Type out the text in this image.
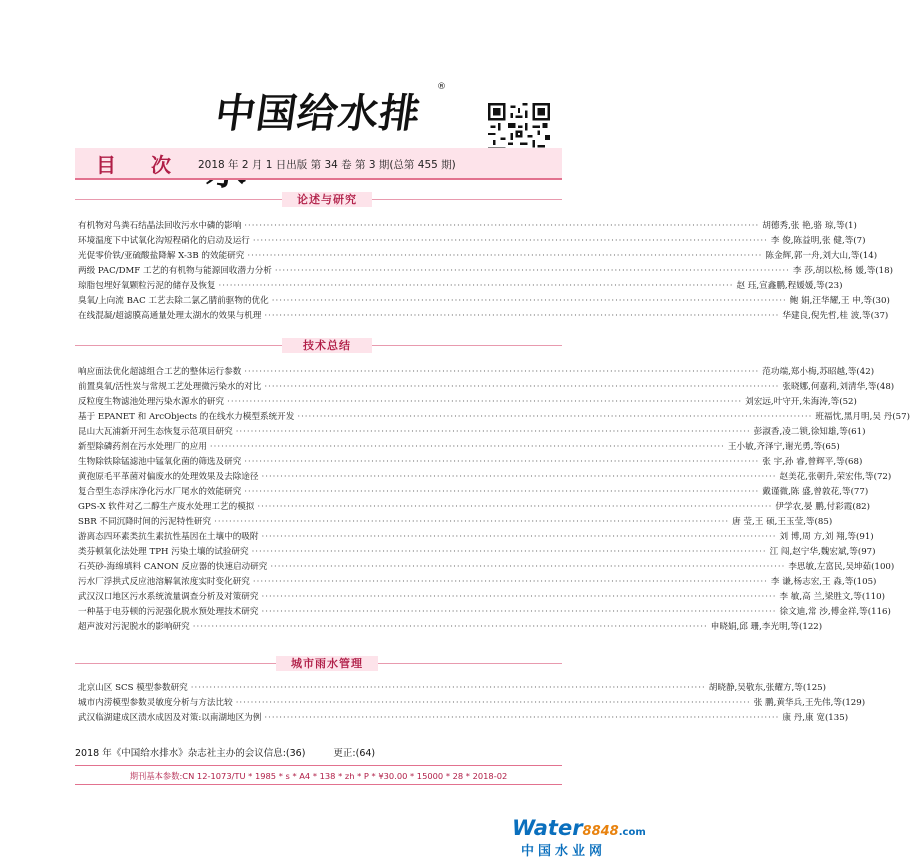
中国给水排水
®
目 次 2018 年 2 月 1 日出版 第 34 卷 第 3 期(总第 455 期)
论述与研究
有机物对鸟粪石结晶法回收污水中磷的影响 ·····	胡德秀,张 艳,骆 琼,等 (1)
环境温度下中试氧化沟短程硝化的启动及运行 ·····	李 俊,陈益明,张 健,等 (7)
光促零价铁/亚硫酸盐降解 X-3B 的效能研究 ·····	陈金辉,郭一舟,刘大山,等 (14)
两级 PAC/DMF 工艺的有机物与能源回收潜力分析 ·····	李 莎,胡以松,杨 媛,等 (18)
琼脂包埋好氧颗粒污泥的储存及恢复 ·····	赵 珏,宣鑫鹏,程媛媛,等 (23)
臭氧/上向流 BAC 工艺去除二氯乙腈前驱物的优化 ·····	鲍 娟,汪华耀,王 申,等 (30)
在线混凝/超滤膜高通量处理太湖水的效果与机理 ·····	华建良,倪先哲,桂 波,等 (37)
技术总结
响应面法优化超滤组合工艺的整体运行参数 ·····	范功端,郑小梅,苏昭越,等 (42)
前置臭氧/活性炭与常规工艺处理微污染水的对比 ·····	张晓娜,何嘉莉,刘清华,等 (48)
反粒度生物滤池处理污染水源水的研究 ·····	刘宏远,叶守开,朱海涛,等 (52)
基于 EPANET 和 ArcObjects 的在线水力模型系统开发 ·····	班福忱,黑月明,吴 丹 (57)
昆山大瓦浦新开河生态恢复示范项目研究 ·····	彭淑香,凌二锁,徐知雄,等 (61)
新型除磷药剂在污水处理厂的应用 ·····	王小敏,齐泽宁,谢光勇,等 (65)
生物除铁除锰滤池中锰氧化菌的筛选及研究 ·····	张 宇,孙 睿,曾辉平,等 (68)
黄孢原毛平革菌对偏废水的处理效果及去除途径 ·····	赵美花,张朝升,荣宏伟,等 (72)
复合型生态浮床净化污水厂尾水的效能研究 ·····	戴谨微,陈 盛,曾敦花,等 (77)
GPS-X 软件对乙二醇生产废水处理工艺的模拟 ·····	伊学农,晏 鹏,付彩霞 (82)
SBR 不同沉降时间的污泥特性研究 ·····	唐 莹,王 硕,王玉莹,等 (85)
游离态四环素类抗生素抗性基因在土壤中的吸附 ·····	刘 博,周 方,刘 翔,等 (91)
类芬顿氧化法处理 TPH 污染土壤的试验研究 ·····	江 闯,赵宁华,魏宏斌,等 (97)
石英砂-海绵填料 CANON 反应器的快速启动研究 ·····	李思敏,左富民,吴坤茹 (100)
污水厂浮拱式反应池溶解氧浓度实时变化研究 ·····	李 谦,杨志宏,王 淼,等 (105)
武汉汉口地区污水系统流量调查分析及对策研究 ·····	李 敏,高 兰,梁胜文,等 (110)
一种基于电芬顿的污泥强化脱水预处理技术研究 ·····	徐文迪,常 沙,傅金祥,等 (116)
超声波对污泥脱水的影响研究 ·····	申晓娟,邱 珊,李光明,等 (122)
城市雨水管理
北京山区 SCS 模型参数研究 ·····	胡晓静,吴敬东,张耀方,等 (125)
城市内涝模型参数灵敏度分析与方法比较 ·····	张 鹏,黄华兵,王先伟,等 (129)
武汉临湖建成区渍水成因及对策:以南湖地区为例 ·····	康 丹,康 宽 (135)
2018 年《中国给水排水》杂志社主办的会议信息:(36)	更正:(64)
期刊基本参数:CN 12-1073/TU * 1985 * s * A4 * 138 * zh * P * ¥30.00 * 15000 * 28 * 2018-02
Water8848.com
中国水业网
